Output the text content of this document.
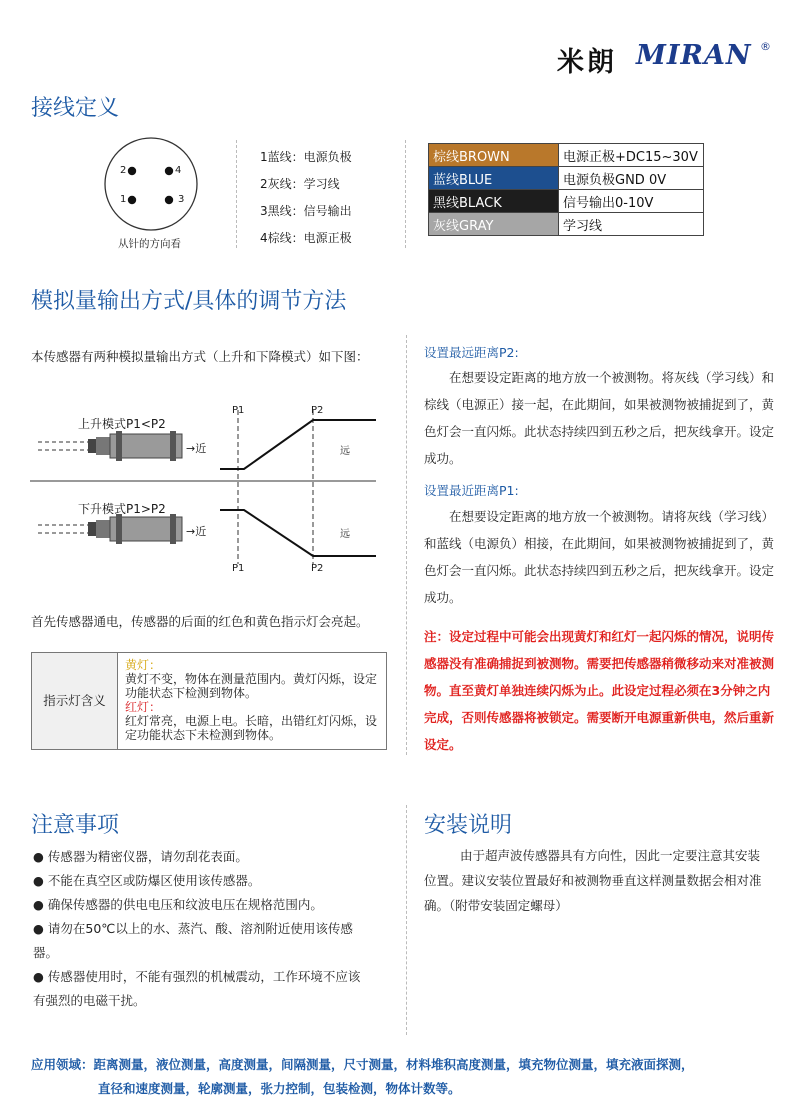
米朗 MIRAN ®
接线定义
2	4
1	3
从针的方向看
1蓝线：电源负极
2灰线：学习线
3黑线：信号输出
4棕线：电源正极
棕线BROWN	电源正极+DC15~30V
蓝线BLUE	电源负极GND 0V
黑线BLACK	信号输出0-10V
灰线GRAY	学习线
模拟量输出方式/具体的调节方法
本传感器有两种模拟量输出方式（上升和下降模式）如下图：
P1	P2
P1	P2
上升模式P1<P2
下升模式P1>P2
→近
→近
远
远
首先传感器通电，传感器的后面的红色和黄色指示灯会亮起。
指示灯含义
黄灯：
黄灯不变，物体在测量范围内。黄灯闪烁，设定功能状态下检测到物体。
红灯：
红灯常亮，电源上电。长暗，出错红灯闪烁，设定功能状态下未检测到物体。
设置最远距离P2:
在想要设定距离的地方放一个被测物。将灰线（学习线）和棕线（电源正）接一起，在此期间，如果被测物被捕捉到了，黄色灯会一直闪烁。此状态持续四到五秒之后，把灰线拿开。设定成功。
设置最近距离P1:
在想要设定距离的地方放一个被测物。请将灰线（学习线）和蓝线（电源负）相接，在此期间，如果被测物被捕捉到了，黄色灯会一直闪烁。此状态持续四到五秒之后，把灰线拿开。设定成功。
注：设定过程中可能会出现黄灯和红灯一起闪烁的情况，说明传感器没有准确捕捉到被测物。需要把传感器稍微移动来对准被测物。直至黄灯单独连续闪烁为止。此设定过程必须在3分钟之内完成，否则传感器将被锁定。需要断开电源重新供电，然后重新设定。
注意事项
● 传感器为精密仪器，请勿刮花表面。
● 不能在真空区或防爆区使用该传感器。
● 确保传感器的供电电压和纹波电压在规格范围内。
● 请勿在50℃以上的水、蒸汽、酸、溶剂附近使用该传感器。
● 传感器使用时，不能有强烈的机械震动，工作环境不应该有强烈的电磁干扰。
安装说明
由于超声波传感器具有方向性，因此一定要注意其安装位置。建议安装位置最好和被测物垂直这样测量数据会相对准确。（附带安装固定螺母）
应用领域：距离测量，液位测量，高度测量，间隔测量，尺寸测量，材料堆积高度测量，填充物位测量，填充液面探测，
直径和速度测量，轮廓测量，张力控制，包装检测，物体计数等。
